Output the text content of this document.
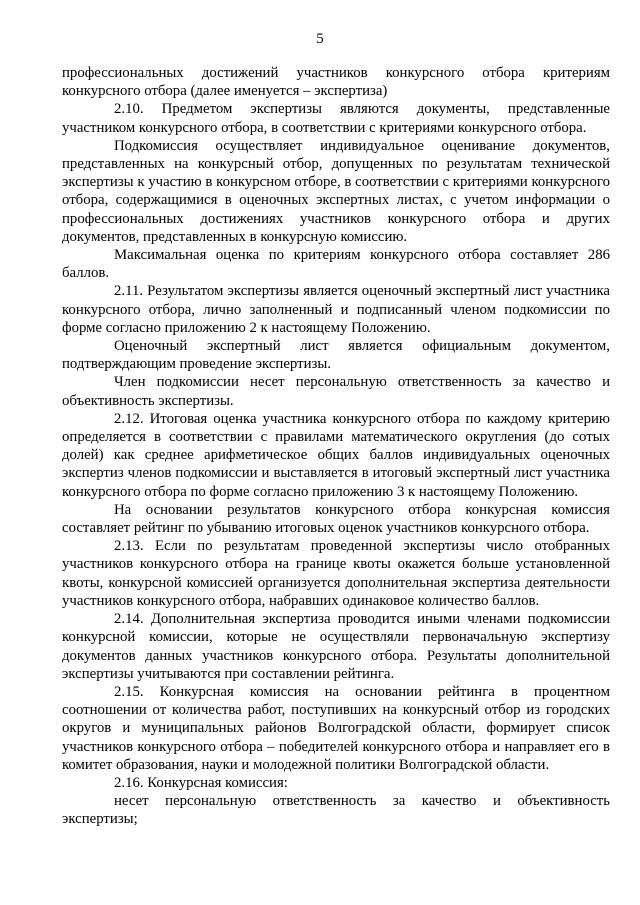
5

профессиональных достижений участников конкурсного отбора критериям конкурсного отбора (далее именуется – экспертиза)

2.10. Предметом экспертизы являются документы, представленные участником конкурсного отбора, в соответствии с критериями конкурсного отбора.

Подкомиссия осуществляет индивидуальное оценивание документов, представленных на конкурсный отбор, допущенных по результатам технической экспертизы к участию в конкурсном отборе, в соответствии с критериями конкурсного отбора, содержащимися в оценочных экспертных листах, с учетом информации о профессиональных достижениях участников конкурсного отбора и других документов, представленных в конкурсную комиссию.

Максимальная оценка по критериям конкурсного отбора составляет 286 баллов.

2.11. Результатом экспертизы является оценочный экспертный лист участника конкурсного отбора, лично заполненный и подписанный членом подкомиссии по форме согласно приложению 2 к настоящему Положению.

Оценочный экспертный лист является официальным документом, подтверждающим проведение экспертизы.

Член подкомиссии несет персональную ответственность за качество и объективность экспертизы.

2.12. Итоговая оценка участника конкурсного отбора по каждому критерию определяется в соответствии с правилами математического округления (до сотых долей) как среднее арифметическое общих баллов индивидуальных оценочных экспертиз членов подкомиссии и выставляется в итоговый экспертный лист участника конкурсного отбора по форме согласно приложению 3 к настоящему Положению.

На основании результатов конкурсного отбора конкурсная комиссия составляет рейтинг по убыванию итоговых оценок участников конкурсного отбора.

2.13. Если по результатам проведенной экспертизы число отобранных участников конкурсного отбора на границе квоты окажется больше установленной квоты, конкурсной комиссией организуется дополнительная экспертиза деятельности участников конкурсного отбора, набравших одинаковое количество баллов.

2.14. Дополнительная экспертиза проводится иными членами подкомиссии конкурсной комиссии, которые не осуществляли первоначальную экспертизу документов данных участников конкурсного отбора. Результаты дополнительной экспертизы учитываются при составлении рейтинга.

2.15. Конкурсная комиссия на основании рейтинга в процентном соотношении от количества работ, поступивших на конкурсный отбор из городских округов и муниципальных районов Волгоградской области, формирует список участников конкурсного отбора – победителей конкурсного отбора и направляет его в комитет образования, науки и молодежной политики Волгоградской области.

2.16. Конкурсная комиссия:

несет персональную ответственность за качество и объективность экспертизы;
